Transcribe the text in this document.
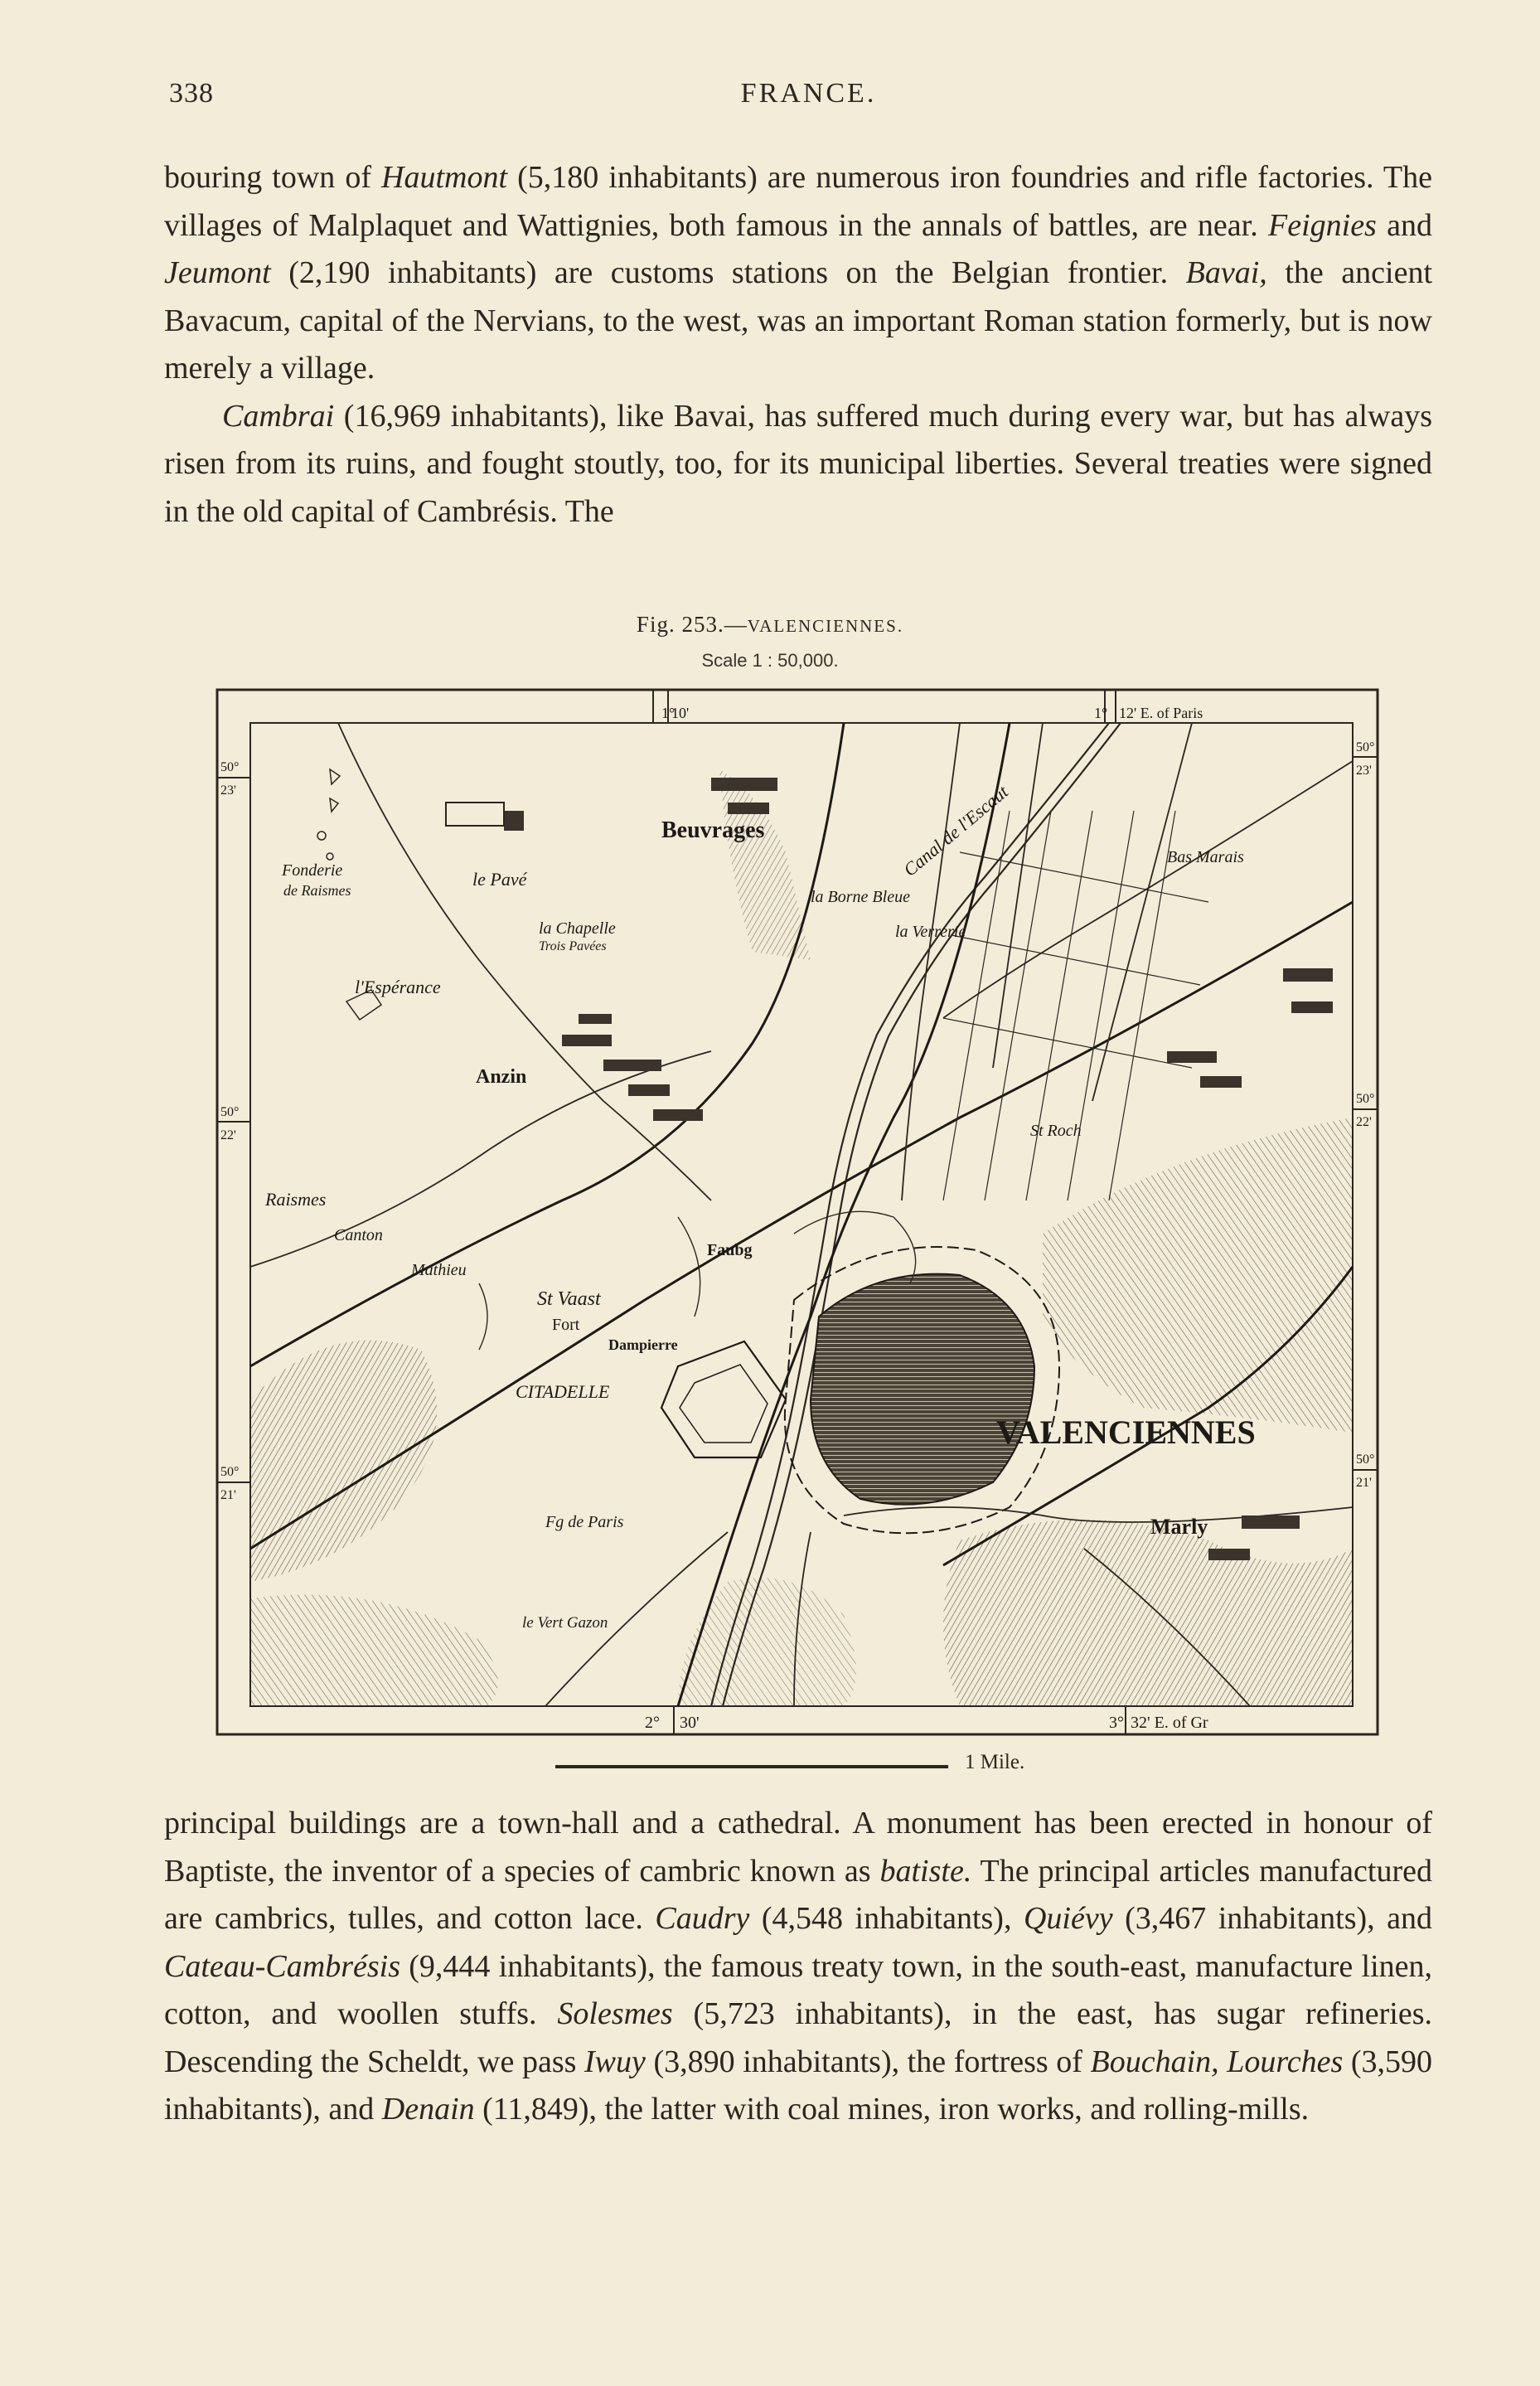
338	FRANCE.

bouring town of Hautmont (5,180 inhabitants) are numerous iron foundries and rifle factories. The villages of Malplaquet and Wattignies, both famous in the annals of battles, are near. Feignies and Jeumont (2,190 inhabitants) are customs stations on the Belgian frontier. Bavai, the ancient Bavacum, capital of the Nervians, to the west, was an important Roman station formerly, but is now merely a village.

Cambrai (16,969 inhabitants), like Bavai, has suffered much during every war, but has always risen from its ruins, and fought stoutly, too, for its municipal liberties. Several treaties were signed in the old capital of Cambrésis. The

Fig. 253.—VALENCIENNES.
Scale 1 : 50,000.
1°
10'	1° 12' E. of Paris
2° 30'	3° 32' E. of Gr
50°
23'
50°
22'
50°
21'
50°
23'
50°
22'
50°
21'
Beuvrages
Fonderie
de Raismes
le Pavé
la Chapelle
Trois Pavées
l'Espérance
Anzin
Canal de l'Escaut
la Borne Bleue
la Verrerie
Bas Marais
St Roch
Raismes
Canton
Mathieu
St Vaast
Fort
Dampierre
CITADELLE
VALENCIENNES
Marly
Fg de Paris
le Vert Gazon
Faubg
1 Mile.

principal buildings are a town-hall and a cathedral. A monument has been erected in honour of Baptiste, the inventor of a species of cambric known as batiste. The principal articles manufactured are cambrics, tulles, and cotton lace. Caudry (4,548 inhabitants), Quiévy (3,467 inhabitants), and Cateau-Cambrésis (9,444 inhabitants), the famous treaty town, in the south-east, manufacture linen, cotton, and woollen stuffs. Solesmes (5,723 inhabitants), in the east, has sugar refineries. Descending the Scheldt, we pass Iwuy (3,890 inhabitants), the fortress of Bouchain, Lourches (3,590 inhabitants), and Denain (11,849), the latter with coal mines, iron works, and rolling-mills.
